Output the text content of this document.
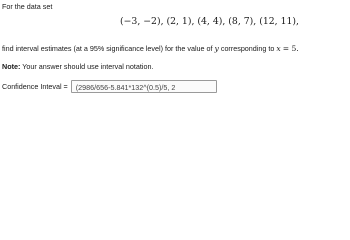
For the data set
(−3, −2), (2, 1), (4, 4), (8, 7), (12, 11),
find interval estimates (at a 95% significance level) for the value of y corresponding to x = 5.
Note: Your answer should use interval notation.
Confidence Inteval =	(2986/656-5.841*132^(0.5)/5, 2
